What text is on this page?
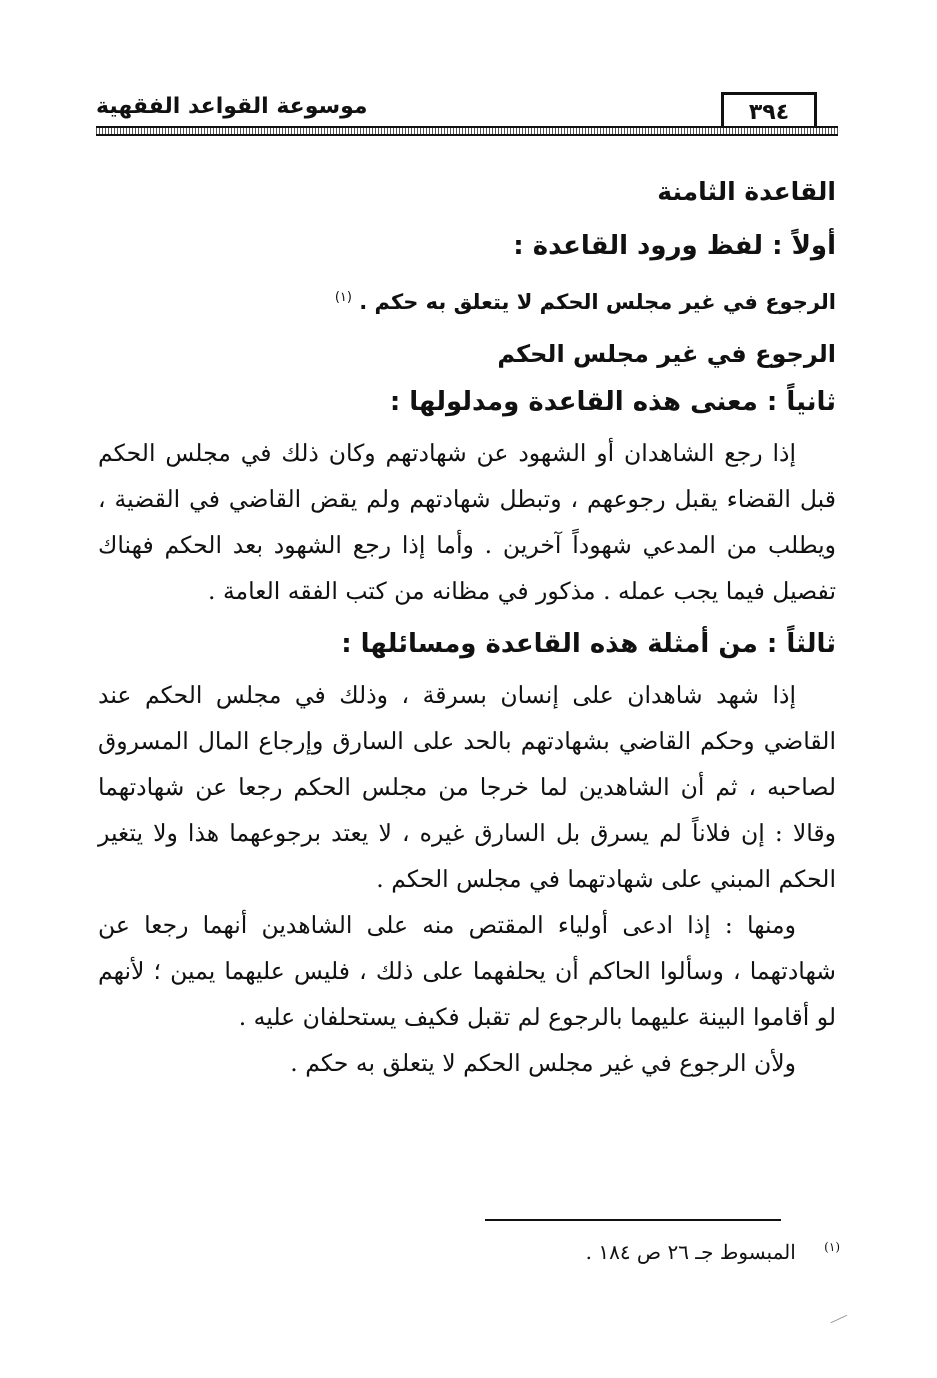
موسوعة القواعد الفقهية	٣٩٤
القاعدة الثامنة
أولاً : لفظ ورود القاعدة :
الرجوع في غير مجلس الحكم لا يتعلق به حكم . $^{(١)}$
الرجوع في غير مجلس الحكم
ثانياً : معنى هذه القاعدة ومدلولها :

إذا رجع الشاهدان أو الشهود عن شهادتهم وكان ذلك في مجلس الحكم قبل القضاء يقبل رجوعهم ، وتبطل شهادتهم ولم يقض القاضي في القضية ، ويطلب من المدعي شهوداً آخرين . وأما إذا رجع الشهود بعد الحكم فهناك تفصيل فيما يجب عمله . مذكور في مظانه من كتب الفقه العامة .

ثالثاً : من أمثلة هذه القاعدة ومسائلها :

إذا شهد شاهدان على إنسان بسرقة ، وذلك في مجلس الحكم عند القاضي وحكم القاضي بشهادتهم بالحد على السارق وإرجاع المال المسروق لصاحبه ، ثم أن الشاهدين لما خرجا من مجلس الحكم رجعا عن شهادتهما وقالا : إن فلاناً لم يسرق بل السارق غيره ، لا يعتد برجوعهما هذا ولا يتغير الحكم المبني على شهادتهما في مجلس الحكم .

ومنها : إذا ادعى أولياء المقتص منه على الشاهدين أنهما رجعا عن شهادتهما ، وسألوا الحاكم أن يحلفهما على ذلك ، فليس عليهما يمين ؛ لأنهم لو أقاموا البينة عليهما بالرجوع لم تقبل فكيف يستحلفان عليه .

ولأن الرجوع في غير مجلس الحكم لا يتعلق به حكم .

$^{(١)}$ المبسوط جـ ٢٦ ص ١٨٤ .
